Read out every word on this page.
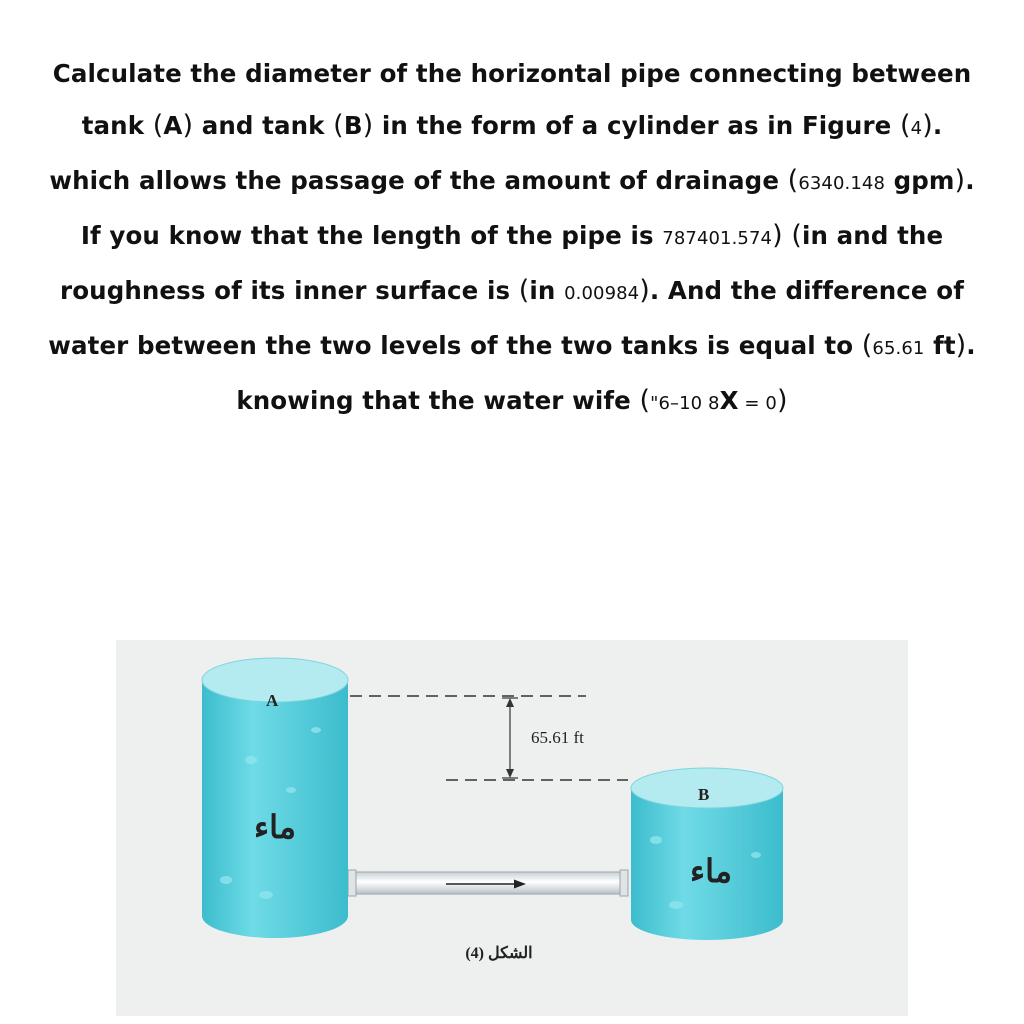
Calculate the diameter of the horizontal pipe connecting between
tank (A) and tank (B) in the form of a cylinder as in Figure (4).
which allows the passage of the amount of drainage (6340.148 gpm).
If you know that the length of the pipe is 787401.574) (in and the
roughness of its inner surface is (in 0.00984). And the difference of
water between the two levels of the two tanks is equal to (65.61 ft).
knowing that the water wife ("6–10 8X = 0)
65.61 ft
A
B
ماء
ماء
(4) الشكل
